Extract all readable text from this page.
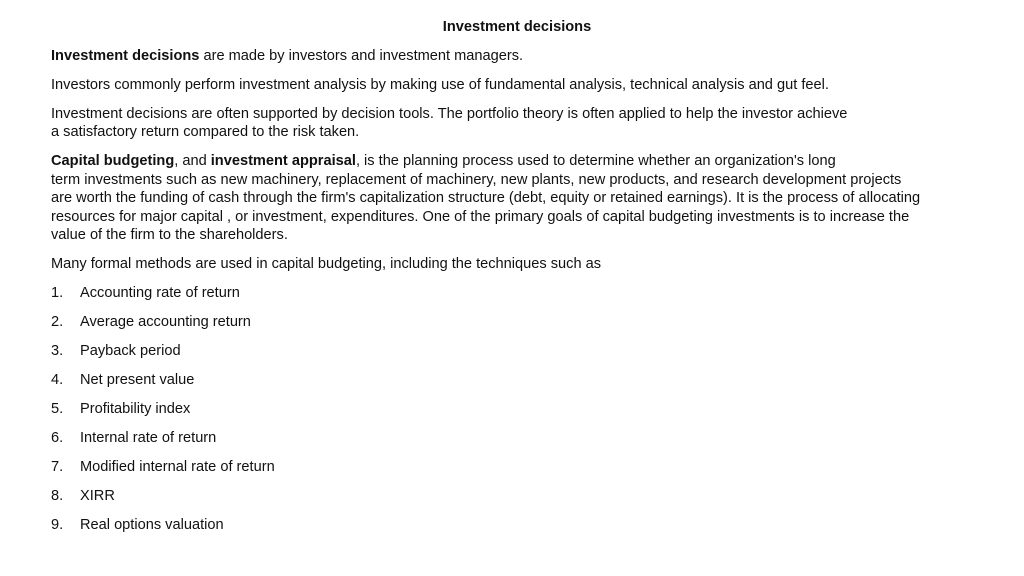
Investment decisions

Investment decisions are made by investors and investment managers.

Investors commonly perform investment analysis by making use of fundamental analysis, technical analysis and gut feel.

Investment decisions are often supported by decision tools. The portfolio theory is often applied to help the investor achieve
a satisfactory return compared to the risk taken.

Capital budgeting, and investment appraisal, is the planning process used to determine whether an organization's long
term investments such as new machinery, replacement of machinery, new plants, new products, and research development projects
are worth the funding of cash through the firm's capitalization structure (debt, equity or retained earnings). It is the process of allocating
resources for major capital , or investment, expenditures. One of the primary goals of capital budgeting investments is to increase the
value of the firm to the shareholders.

Many formal methods are used in capital budgeting, including the techniques such as

1.	Accounting rate of return
2.	Average accounting return
3.	Payback period
4.	Net present value
5.	Profitability index
6.	Internal rate of return
7.	Modified internal rate of return
8.	XIRR
9.	Real options valuation
